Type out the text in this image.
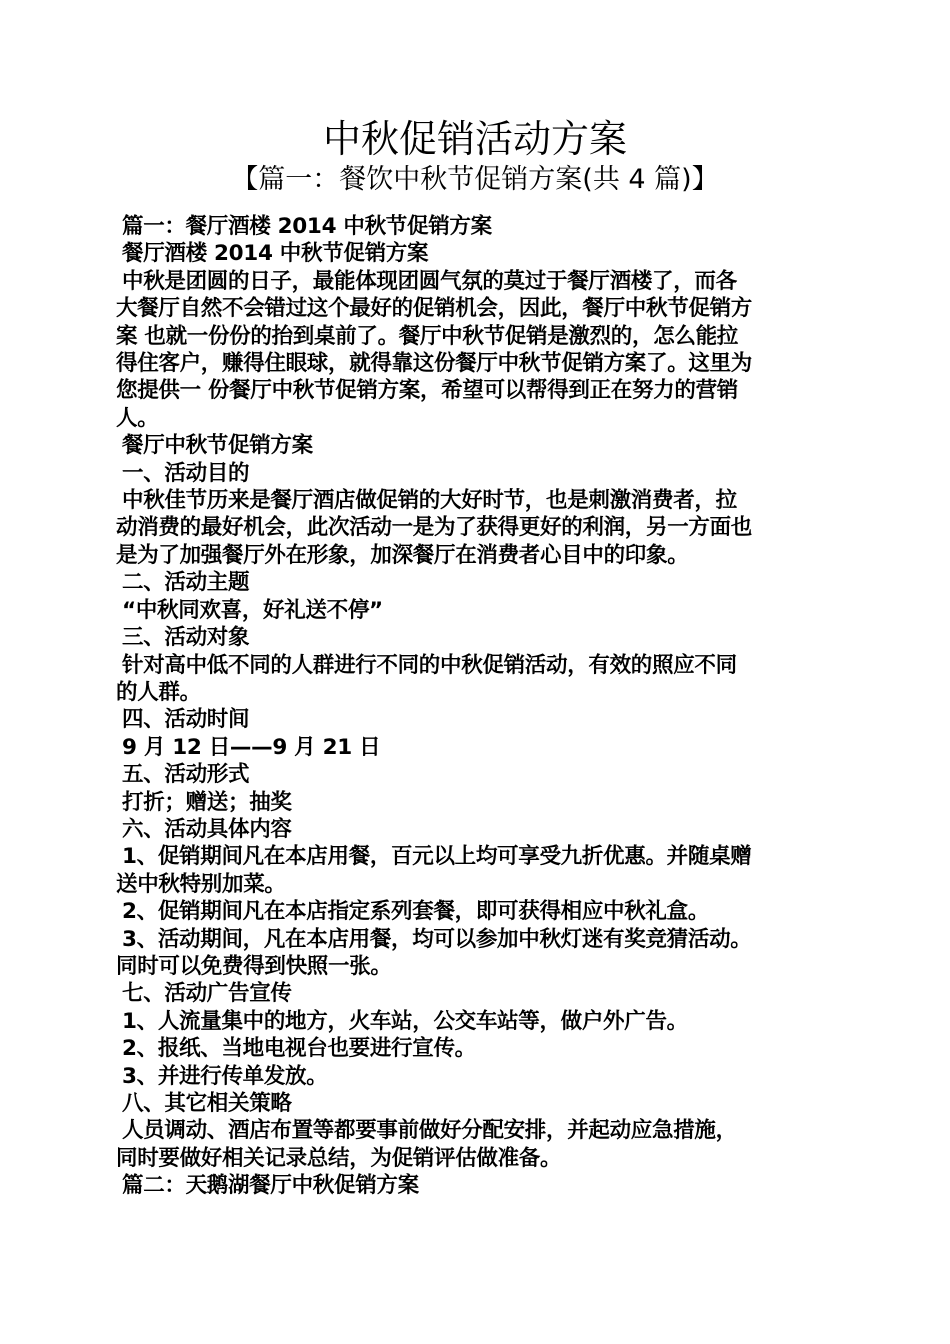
中秋促销活动方案
【篇一：餐饮中秋节促销方案(共 4 篇)】
篇一：餐厅酒楼 2014 中秋节促销方案
餐厅酒楼 2014 中秋节促销方案
中秋是团圆的日子，最能体现团圆气氛的莫过于餐厅酒楼了，而各
大餐厅自然不会错过这个最好的促销机会，因此，餐厅中秋节促销方
案 也就一份份的抬到桌前了。餐厅中秋节促销是激烈的，怎么能拉
得住客户，赚得住眼球，就得靠这份餐厅中秋节促销方案了。这里为
您提供一 份餐厅中秋节促销方案，希望可以帮得到正在努力的营销
人。
餐厅中秋节促销方案
一、活动目的
中秋佳节历来是餐厅酒店做促销的大好时节，也是刺激消费者，拉
动消费的最好机会，此次活动一是为了获得更好的利润，另一方面也
是为了加强餐厅外在形象，加深餐厅在消费者心目中的印象。
二、活动主题
“中秋同欢喜，好礼送不停”
三、活动对象
针对高中低不同的人群进行不同的中秋促销活动，有效的照应不同
的人群。
四、活动时间
9 月 12 日——9 月 21 日
五、活动形式
打折；赠送；抽奖
六、活动具体内容
1、促销期间凡在本店用餐，百元以上均可享受九折优惠。并随桌赠
送中秋特别加菜。
2、促销期间凡在本店指定系列套餐，即可获得相应中秋礼盒。
3、活动期间，凡在本店用餐，均可以参加中秋灯迷有奖竞猜活动。
同时可以免费得到快照一张。
七、活动广告宣传
1、人流量集中的地方，火车站，公交车站等，做户外广告。
2、报纸、当地电视台也要进行宣传。
3、并进行传单发放。
八、其它相关策略
人员调动、酒店布置等都要事前做好分配安排，并起动应急措施，
同时要做好相关记录总结，为促销评估做准备。
篇二：天鹅湖餐厅中秋促销方案
